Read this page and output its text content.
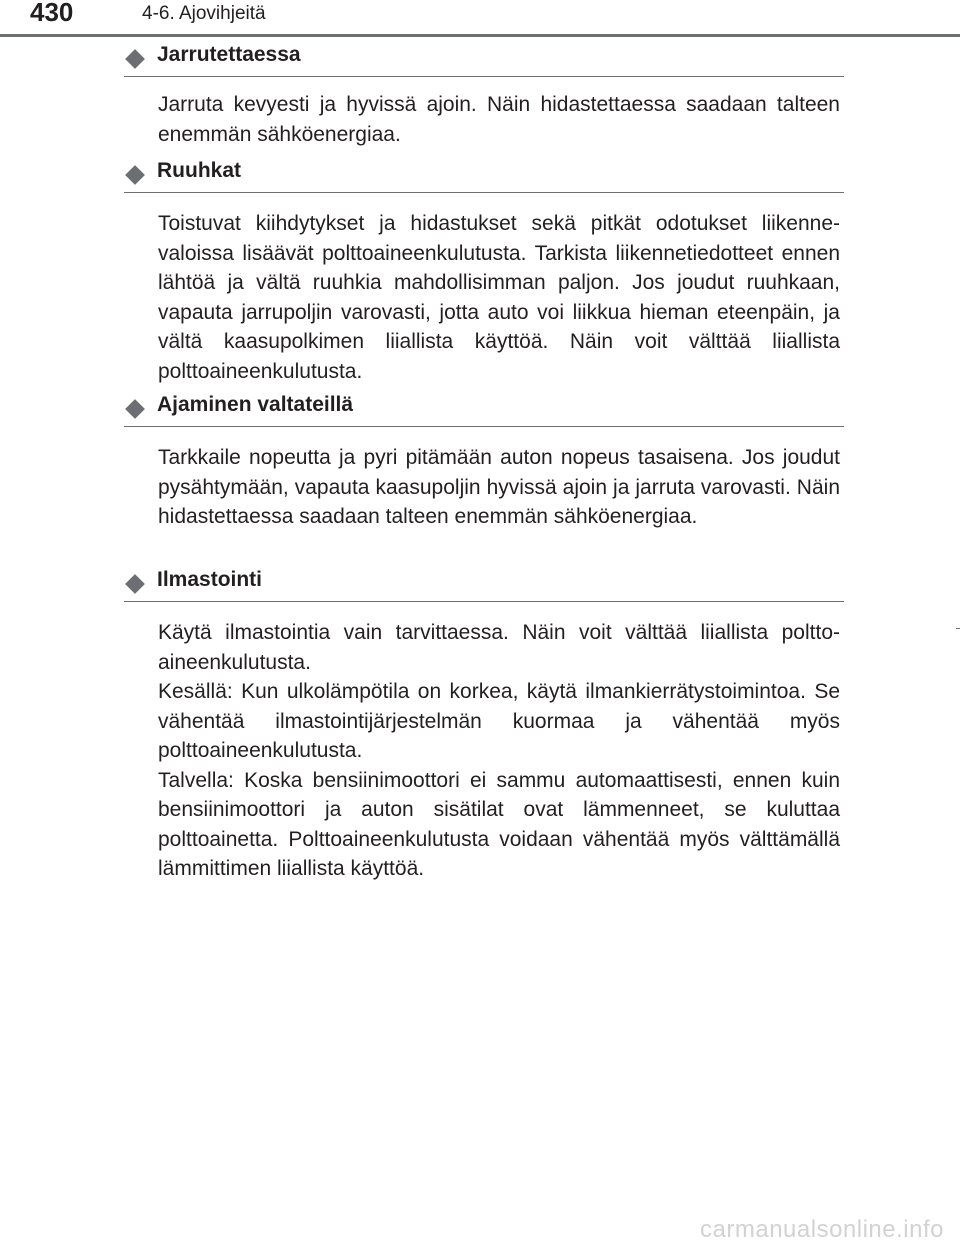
430	4-6. Ajovihjeitä
Jarrutettaessa

Jarruta kevyesti ja hyvissä ajoin. Näin hidastettaessa saadaan talteen enemmän sähköenergiaa.

Ruuhkat

Toistuvat kiihdytykset ja hidastukset sekä pitkät odotukset liikennevaloissa lisäävät polttoaineenkulutusta. Tarkista liikennetiedotteet ennen lähtöä ja vältä ruuhkia mahdollisimman paljon. Jos joudut ruuhkaan, vapauta jarrupoljin varovasti, jotta auto voi liikkua hieman eteenpäin, ja vältä kaasupolkimen liiallista käyttöä. Näin voit välttää liiallista polttoaineenkulutusta.

Ajaminen valtateillä

Tarkkaile nopeutta ja pyri pitämään auton nopeus tasaisena. Jos joudut pysähtymään, vapauta kaasupoljin hyvissä ajoin ja jarruta varovasti. Näin hidastettaessa saadaan talteen enemmän sähköenergiaa.

Ilmastointi

Käytä ilmastointia vain tarvittaessa. Näin voit välttää liiallista polttoaineenkulutusta.

Kesällä: Kun ulkolämpötila on korkea, käytä ilmankierrätystoimintoa. Se vähentää ilmastointijärjestelmän kuormaa ja vähentää myös polttoaineenkulutusta.

Talvella: Koska bensiinimoottori ei sammu automaattisesti, ennen kuin bensiinimoottori ja auton sisätilat ovat lämmenneet, se kuluttaa polttoainetta. Polttoaineenkulutusta voidaan vähentää myös välttämällä lämmittimen liiallista käyttöä.

carmanualsonline.info
